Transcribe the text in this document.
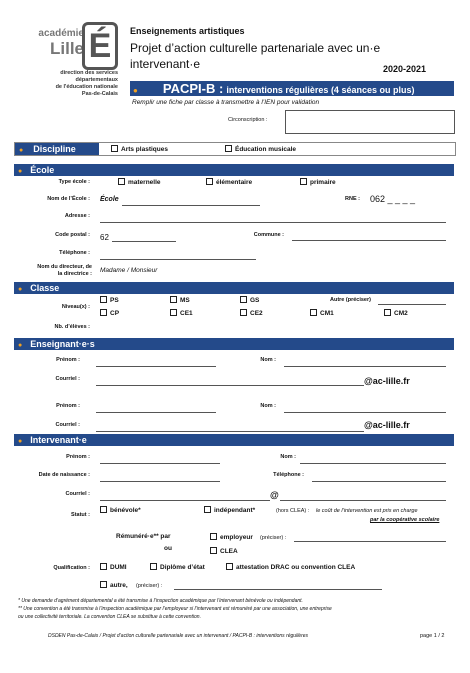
académie
Lille É
direction des services
départementaux
de l'éducation nationale
Pas-de-Calais
Enseignements artistiques
Projet d’action culturelle partenariale avec un·e intervenant·e	2020-2021
● PACPI-B : interventions régulières (4 séances ou plus)
Remplir une fiche par classe à transmettre à l’IEN pour validation
Circonscription :
● Discipline	Arts plastiques	Éducation musicale
● École
Type école :	maternelle	élémentaire	primaire
Nom de l’École : École	RNE : 062 _ _ _ _
Adresse :
Code postal : 62	Commune :
Téléphone :
Nom du directeur, de
la directrice : Madame / Monsieur
● Classe
Niveau(x) :
PS	MS	GS	Autre (préciser)
CP	CE1	CE2	CM1	CM2
Nb. d’élèves :
● Enseignant·e·s
Prénom :	Nom :
Courriel :	@ac-lille.fr
Prénom :	Nom :
Courriel :	@ac-lille.fr
● Intervenant·e
Prénom :	Nom :
Date de naissance :	Téléphone :
Courriel :	@
Statut :
bénévole*	indépendant*	(hors CLEA) : le coût de l’intervention est pris en charge
par la coopérative scolaire
Rémunéré·e** par	employeur (préciser) :
ou	CLEA
Qualification :	DUMI	Diplôme d’état	attestation DRAC ou convention CLEA
autre, (préciser) :
* Une demande d’agrément départemental a été transmise à l’inspection académique par l’intervenant bénévole ou indépendant.
** Une convention a été transmise à l’inspection académique par l’employeur si l’intervenant est rémunéré par une association, une entreprise
ou une collectivité territoriale. La convention CLEA se substitue à cette convention.
DSDEN Pas-de-Calais / Projet d’action culturelle partenariale avec un intervenant / PACPI-B : interventions régulières	page 1 / 2
